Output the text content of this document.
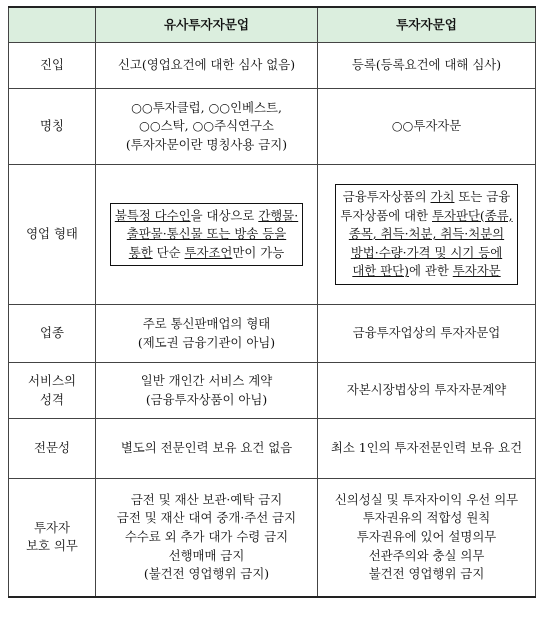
	유사투자자문업	투자자문업
진입	신고(영업요건에 대한 심사 없음)	등록(등록요건에 대해 심사)

명칭	○○투자클럽, ○○인베스트,
○○스탁, ○○주식연구소
(투자자문이란 명칭사용 금지)	○○투자자문

영업 형태	불특정 다수인을 대상으로 간행물·
출판물·통신물 또는 방송 등을
통한 단순 투자조언만이 가능	금융투자상품의 가치 또는 금융
투자상품에 대한 투자판단(종류,
종목, 취득·처분, 취득·처분의
방법·수량·가격 및 시기 등에
대한 판단)에 관한 투자자문

업종	주로 통신판매업의 형태
(제도권 금융기관이 아님)	금융투자업상의 투자자문업

서비스의
성격	일반 개인간 서비스 계약
(금융투자상품이 아님)	자본시장법상의 투자자문계약

전문성	별도의 전문인력 보유 요건 없음	최소 1인의 투자전문인력 보유 요건

투자자
보호 의무	금전 및 재산 보관·예탁 금지
금전 및 재산 대여 중개·주선 금지
수수료 외 추가 대가 수령 금지
선행매매 금지
(불건전 영업행위 금지)	신의성실 및 투자자이익 우선 의무
투자권유의 적합성 원칙
투자권유에 있어 설명의무
선관주의와 충실 의무
불건전 영업행위 금지
